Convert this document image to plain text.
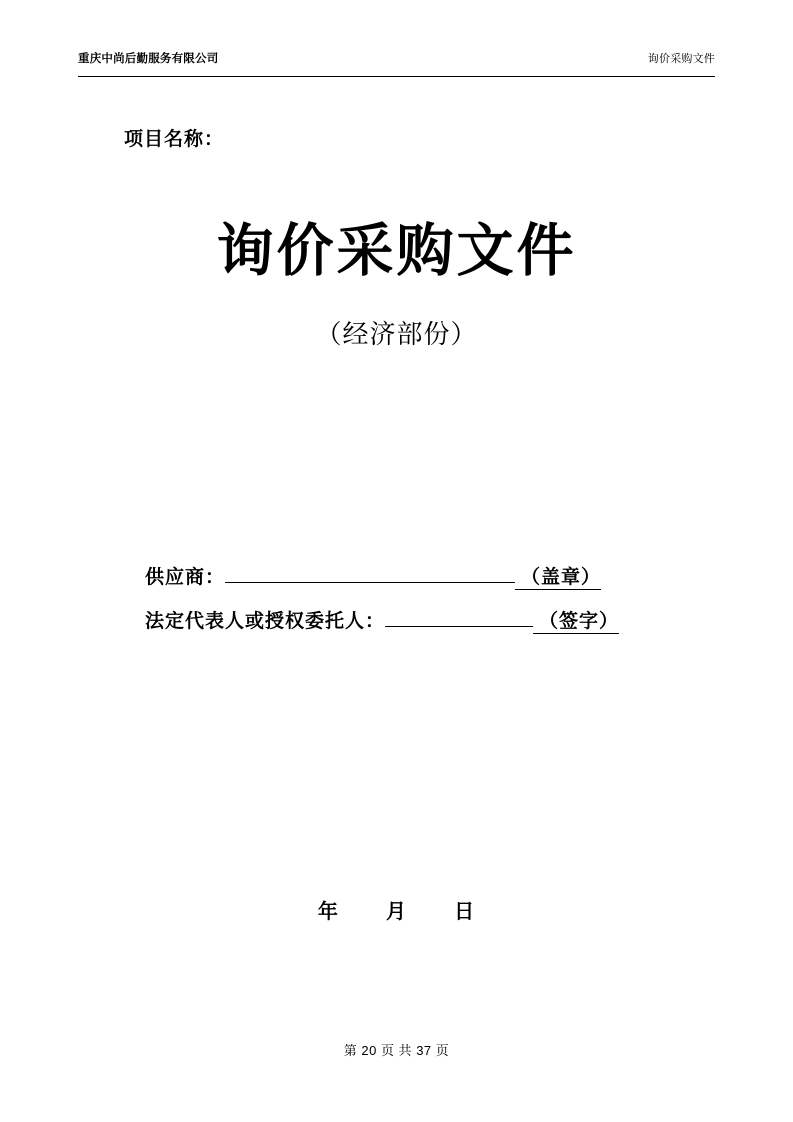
重庆中尚后勤服务有限公司	询价采购文件
项目名称：
询价采购文件
（经济部份）
供应商：	（盖章）
法定代表人或授权委托人：	（签字）
年 月 日
第 20 页 共 37 页
